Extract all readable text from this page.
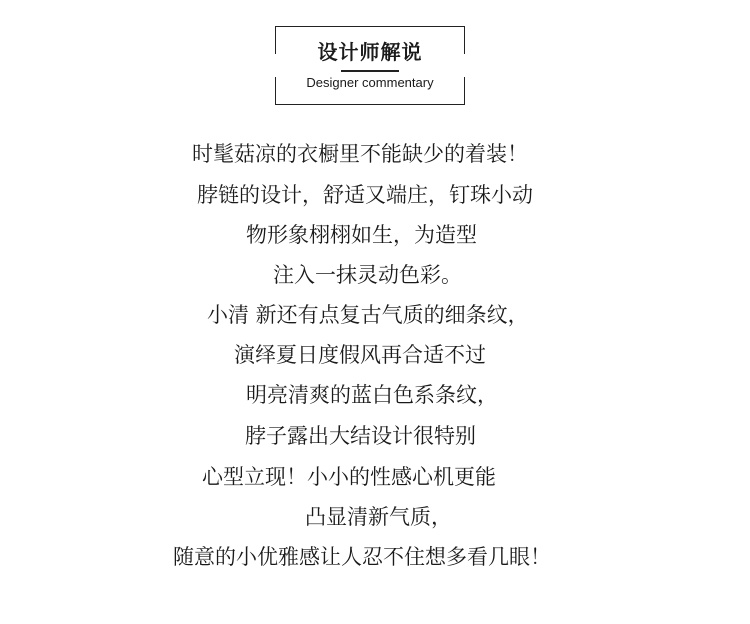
设计师解说
Designer commentary
时髦菇凉的衣橱里不能缺少的着装！
脖链的设计，舒适又端庄，钉珠小动
物形象栩栩如生，为造型
注入一抹灵动色彩。
小清 新还有点复古气质的细条纹，
演绎夏日度假风再合适不过
明亮清爽的蓝白色系条纹，
脖子露出大结设计很特别
心型立现！小小的性感心机更能
凸显清新气质，
随意的小优雅感让人忍不住想多看几眼！
